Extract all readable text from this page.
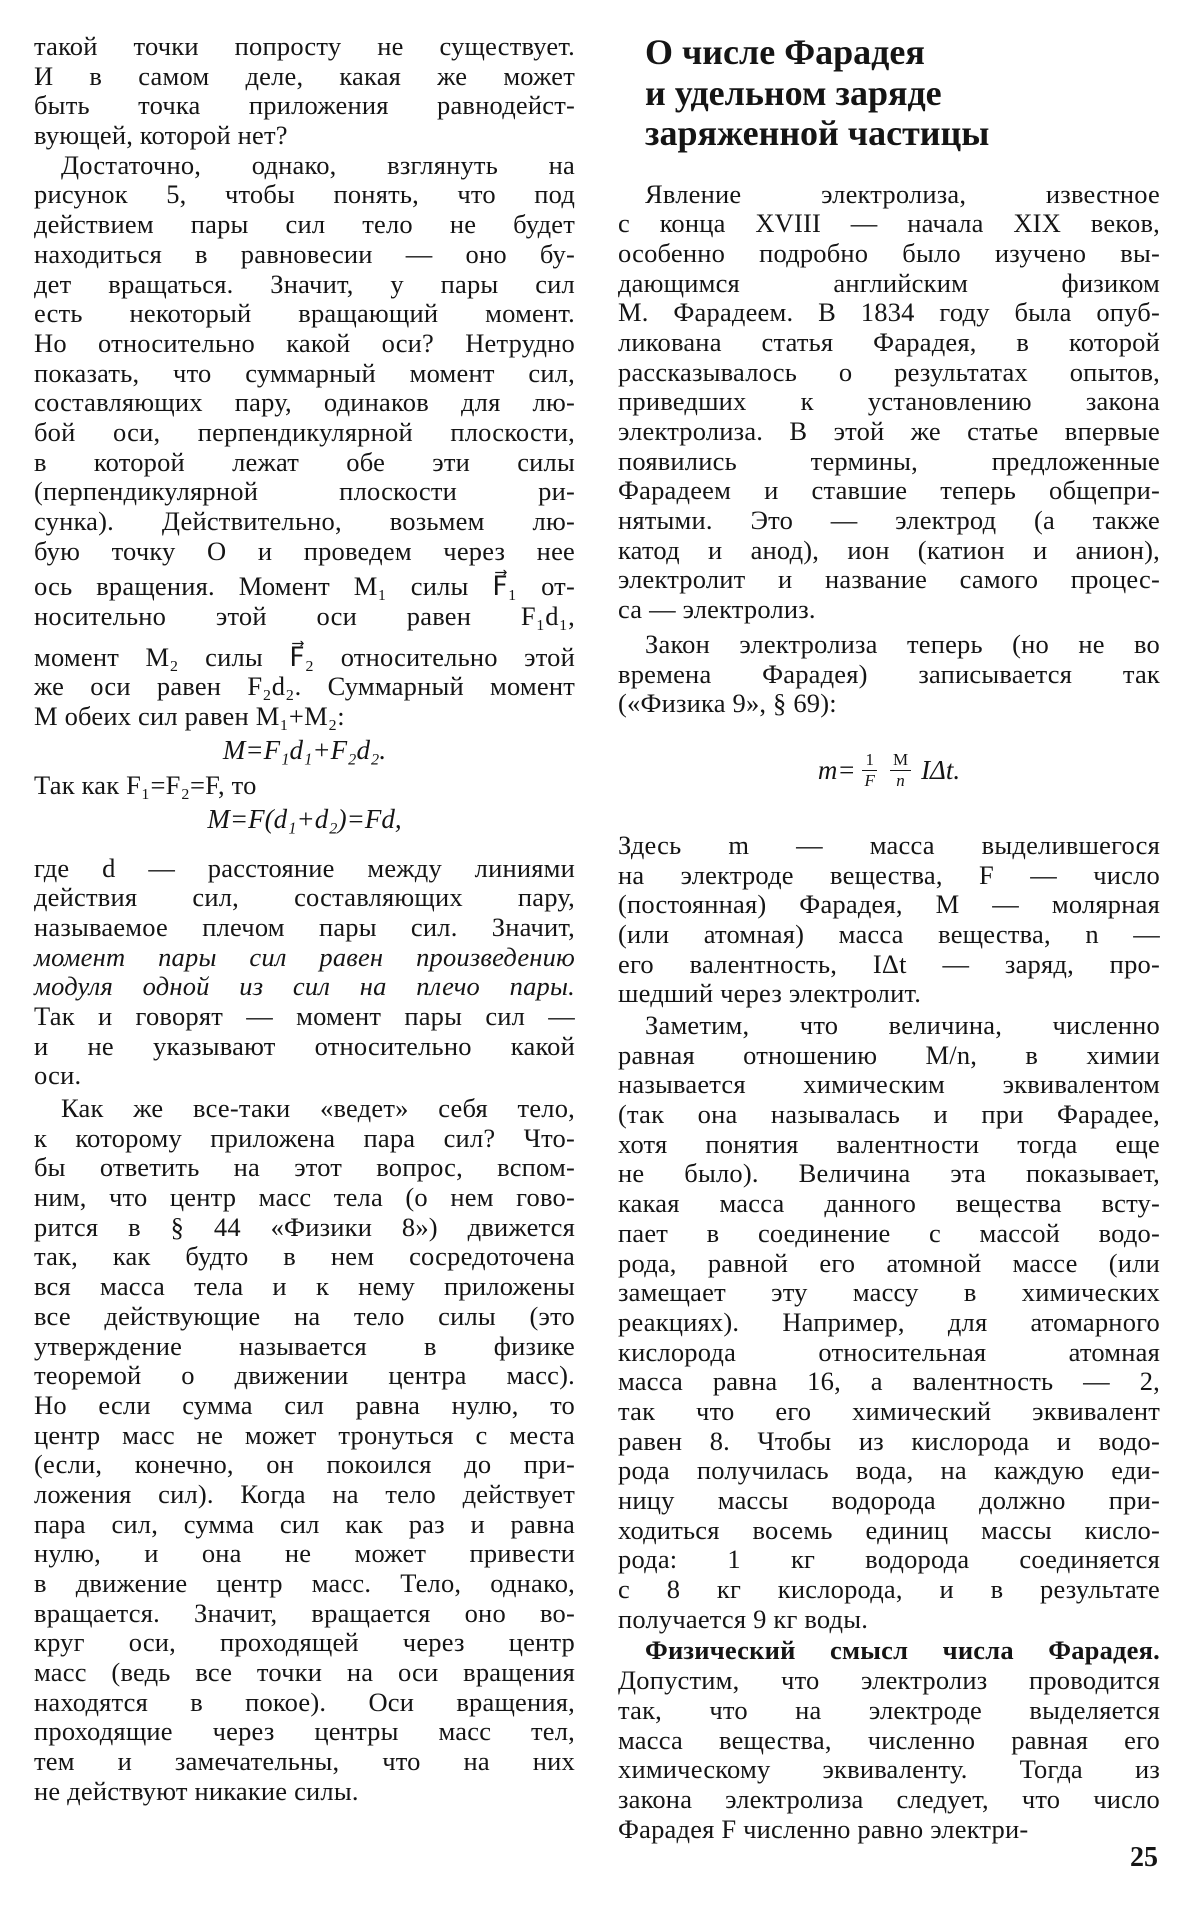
такой точки попросту не существует.
И в самом деле, какая же может
быть точка приложения равнодейст-
вующей, которой нет?
Достаточно, однако, взглянуть на
рисунок 5, чтобы понять, что под
действием пары сил тело не будет
находиться в равновесии — оно бу-
дет вращаться. Значит, у пары сил
есть некоторый вращающий момент.
Но относительно какой оси? Нетрудно
показать, что суммарный момент сил,
составляющих пару, одинаков для лю-
бой оси, перпендикулярной плоскости,
в которой лежат обе эти силы
(перпендикулярной плоскости ри-
сунка). Действительно, возьмем лю-
бую точку O и проведем через нее
ось вращения. Момент M₁ силы F⃗₁ от-
носительно этой оси равен F₁d₁,
момент M₂ силы F⃗₂ относительно этой
же оси равен F₂d₂. Суммарный момент
M обеих сил равен M₁+M₂:
M=F₁d₁+F₂d₂.
Так как F₁=F₂=F, то
M=F(d₁+d₂)=Fd,
где d — расстояние между линиями
действия сил, составляющих пару,
называемое плечом пары сил. Значит,
момент пары сил равен произведению
модуля одной из сил на плечо пары.
Так и говорят — момент пары сил —
и не указывают относительно какой
оси.
Как же все-таки «ведет» себя тело,
к которому приложена пара сил? Что-
бы ответить на этот вопрос, вспом-
ним, что центр масс тела (о нем гово-
рится в § 44 «Физики 8») движется
так, как будто в нем сосредоточена
вся масса тела и к нему приложены
все действующие на тело силы (это
утверждение называется в физике
теоремой о движении центра масс).
Но если сумма сил равна нулю, то
центр масс не может тронуться с места
(если, конечно, он покоился до при-
ложения сил). Когда на тело действует
пара сил, сумма сил как раз и равна
нулю, и она не может привести
в движение центр масс. Тело, однако,
вращается. Значит, вращается оно во-
круг оси, проходящей через центр
масс (ведь все точки на оси вращения
находятся в покое). Оси вращения,
проходящие через центры масс тел,
тем и замечательны, что на них
не действуют никакие силы.
О числе Фарадея
и удельном заряде
заряженной частицы
Явление электролиза, известное
с конца XVIII — начала XIX веков,
особенно подробно было изучено вы-
дающимся английским физиком
М. Фарадеем. В 1834 году была опуб-
ликована статья Фарадея, в которой
рассказывалось о результатах опытов,
приведших к установлению закона
электролиза. В этой же статье впервые
появились термины, предложенные
Фарадеем и ставшие теперь общепри-
нятыми. Это — электрод (а также
катод и анод), ион (катион и анион),
электролит и название самого процес-
са — электролиз.
Закон электролиза теперь (но не во
времена Фарадея) записывается так
(«Физика 9», § 69):
$m= \frac{1}{F} \frac{M}{n} I\Delta t$.
Здесь m — масса выделившегося
на электроде вещества, F — число
(постоянная) Фарадея, M — молярная
(или атомная) масса вещества, n —
его валентность, IΔt — заряд, про-
шедший через электролит.
Заметим, что величина, численно
равная отношению M/n, в химии
называется химическим эквивалентом
(так она называлась и при Фарадее,
хотя понятия валентности тогда еще
не было). Величина эта показывает,
какая масса данного вещества всту-
пает в соединение с массой водо-
рода, равной его атомной массе (или
замещает эту массу в химических
реакциях). Например, для атомарного
кислорода относительная атомная
масса равна 16, а валентность — 2,
так что его химический эквивалент
равен 8. Чтобы из кислорода и водо-
рода получилась вода, на каждую еди-
ницу массы водорода должно при-
ходиться восемь единиц массы кисло-
рода: 1 кг водорода соединяется
с 8 кг кислорода, и в результате
получается 9 кг воды.
Физический смысл числа Фарадея.
Допустим, что электролиз проводится
так, что на электроде выделяется
масса вещества, численно равная его
химическому эквиваленту. Тогда из
закона электролиза следует, что число
Фарадея F численно равно электри-
25
